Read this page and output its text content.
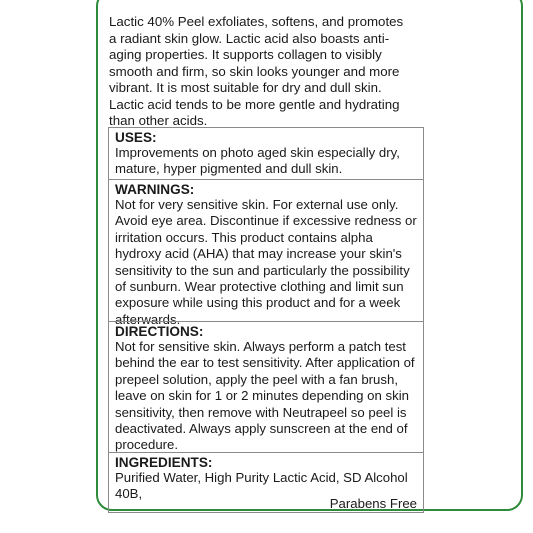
Lactic 40% Peel exfoliates, softens, and promotes a radiant skin glow. Lactic acid also boasts anti-aging properties. It supports collagen to visibly smooth and firm, so skin looks younger and more vibrant. It is most suitable for dry and dull skin. Lactic acid tends to be more gentle and hydrating than other acids.
USES:

Improvements on photo aged skin especially dry, mature, hyper pigmented and dull skin.

WARNINGS:

Not for very sensitive skin. For external use only. Avoid eye area. Discontinue if excessive redness or irritation occurs. This product contains alpha hydroxy acid (AHA) that may increase your skin's sensitivity to the sun and particularly the possibility of sunburn. Wear protective clothing and limit sun exposure while using this product and for a week afterwards.

DIRECTIONS:

Not for sensitive skin. Always perform a patch test behind the ear to test sensitivity. After application of prepeel solution, apply the peel with a fan brush, leave on skin for 1 or 2 minutes depending on skin sensitivity, then remove with Neutrapeel so peel is deactivated. Always apply sunscreen at the end of procedure.

INGREDIENTS:

Purified Water, High Purity Lactic Acid, SD Alcohol 40B,

Parabens Free
